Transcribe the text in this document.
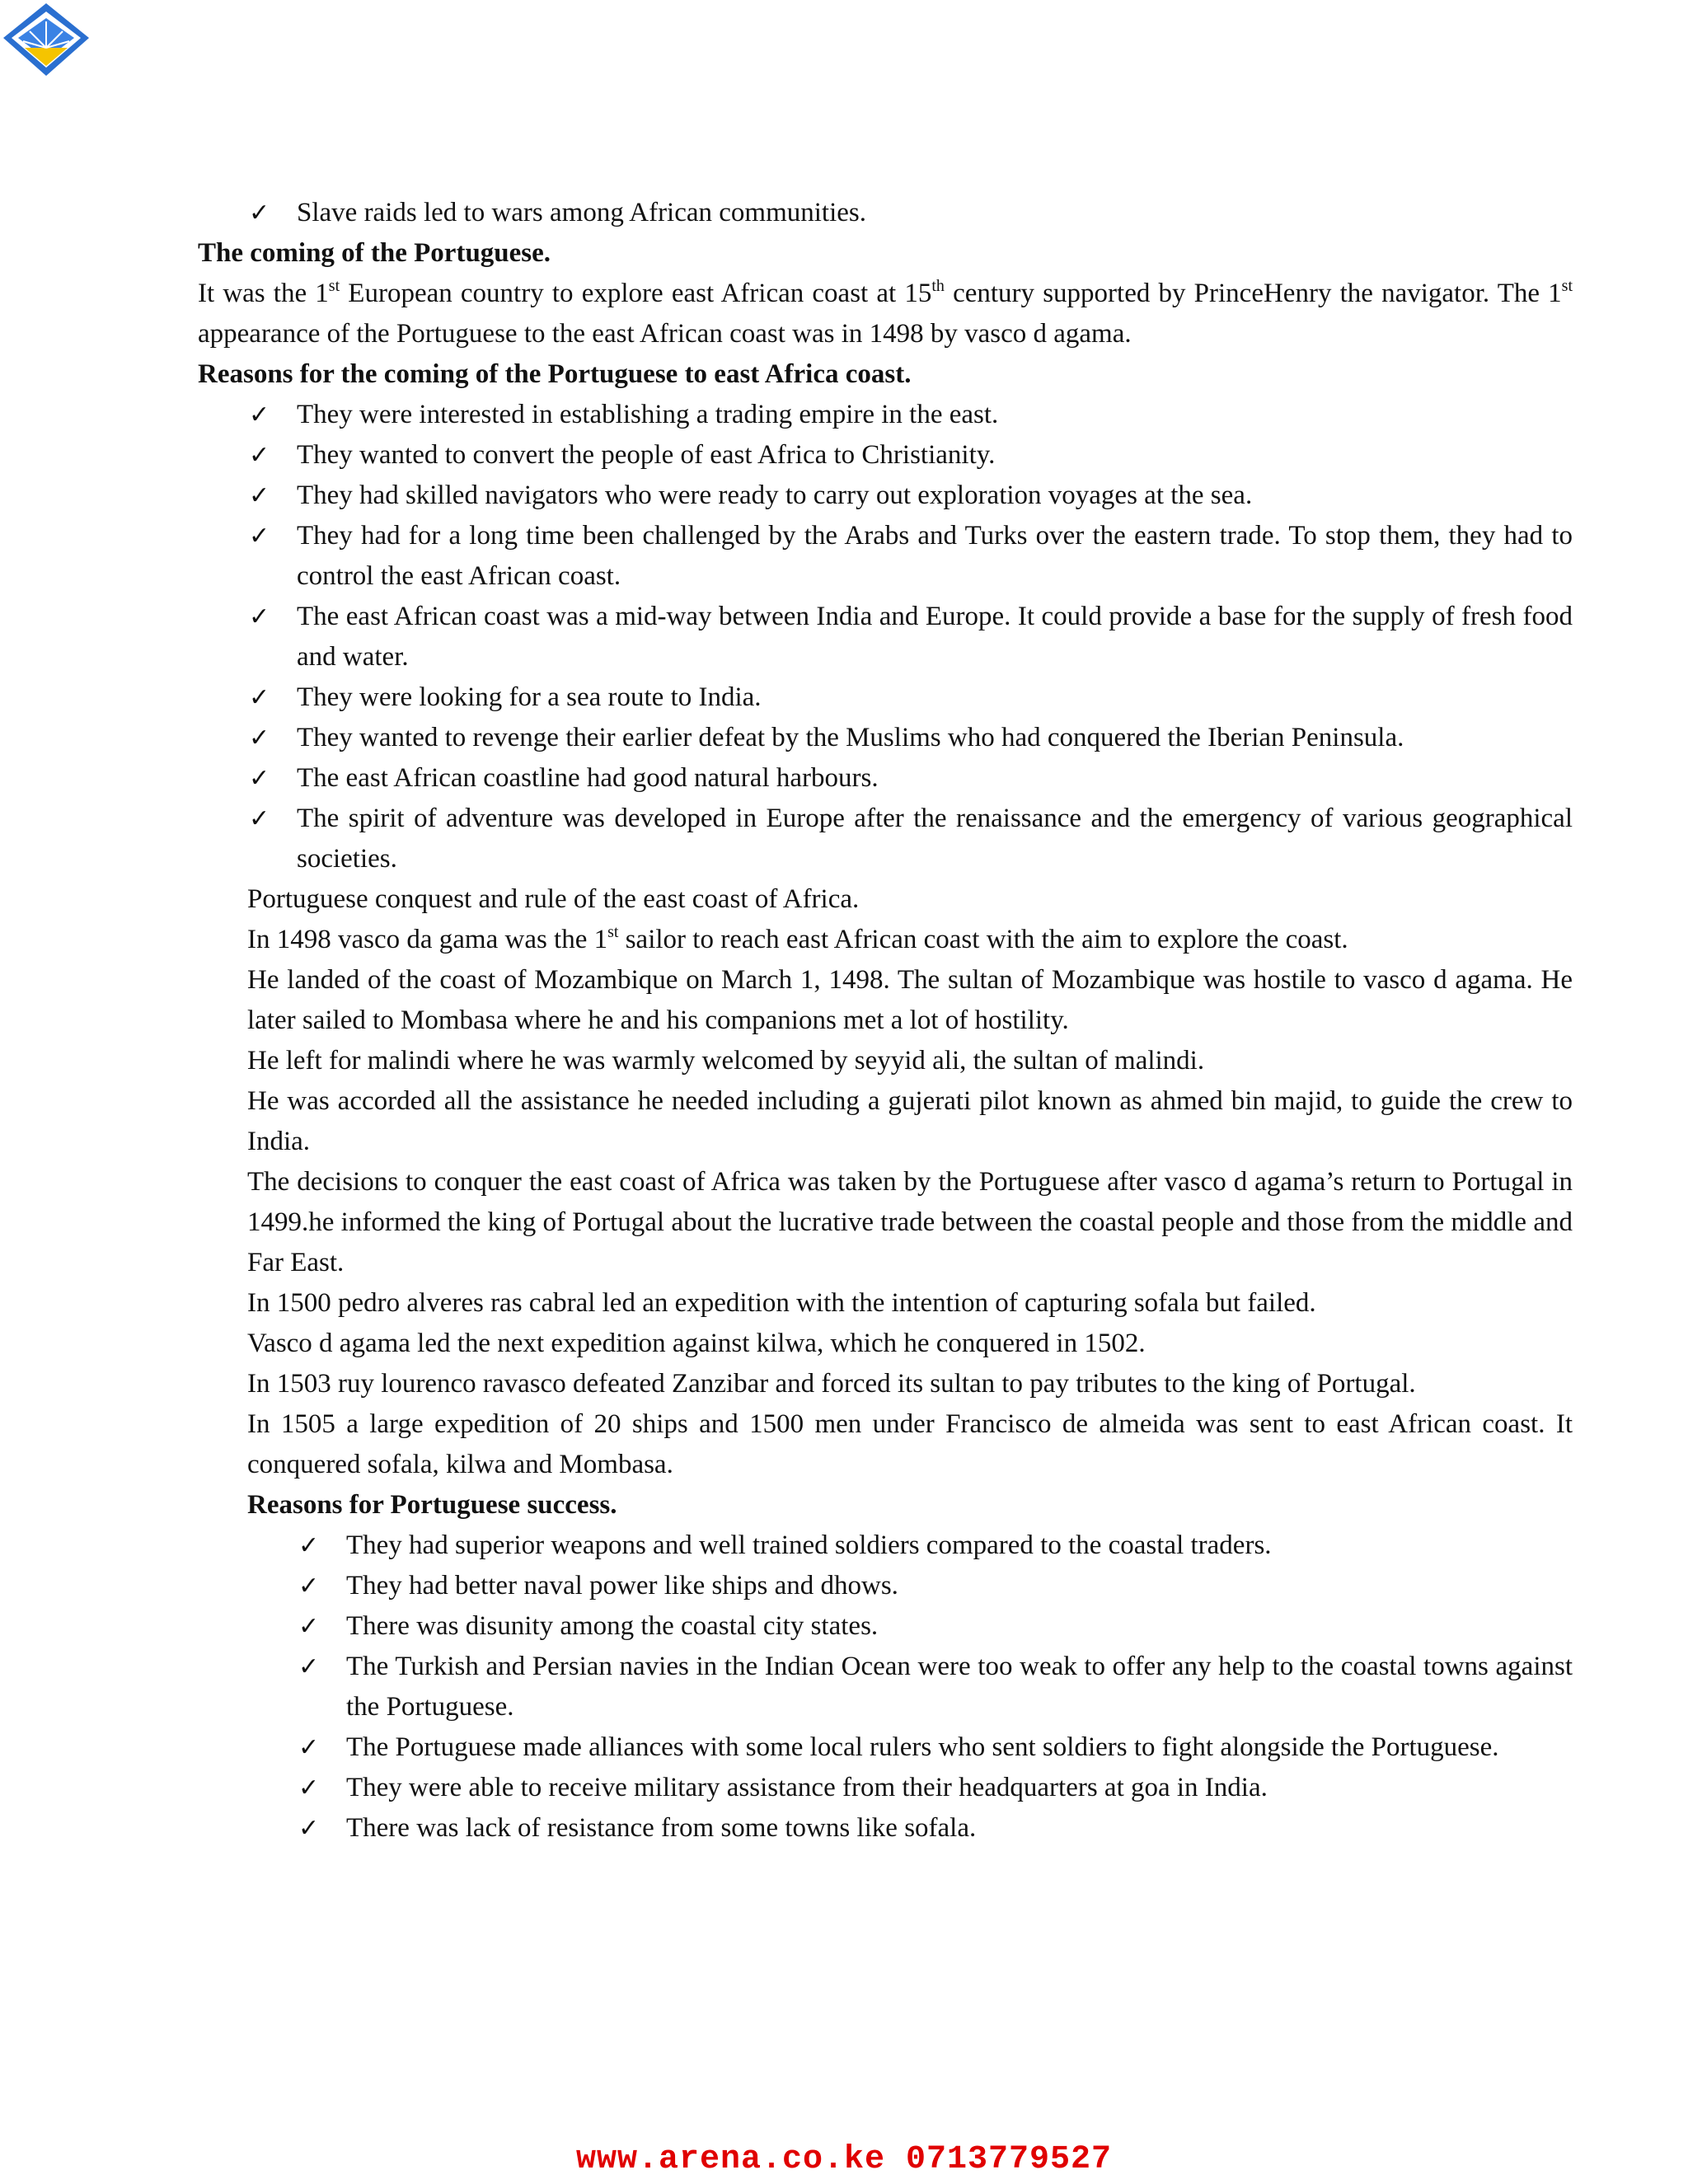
✓ Slave raids led to wars among African communities.

The coming of the Portuguese.

It was the 1st European country to explore east African coast at 15th century supported by PrinceHenry the navigator. The 1st appearance of the Portuguese to the east African coast was in 1498 by vasco d agama.

Reasons for the coming of the Portuguese to east Africa coast.

✓ They were interested in establishing a trading empire in the east.
✓ They wanted to convert the people of east Africa to Christianity.
✓ They had skilled navigators who were ready to carry out exploration voyages at the sea.
✓ They had for a long time been challenged by the Arabs and Turks over the eastern trade. To stop them, they had to control the east African coast.
✓ The east African coast was a mid-way between India and Europe. It could provide a base for the supply of fresh food and water.
✓ They were looking for a sea route to India.
✓ They wanted to revenge their earlier defeat by the Muslims who had conquered the Iberian Peninsula.
✓ The east African coastline had good natural harbours.
✓ The spirit of adventure was developed in Europe after the renaissance and the emergency of various geographical societies.

Portuguese conquest and rule of the east coast of Africa.

In 1498 vasco da gama was the 1st sailor to reach east African coast with the aim to explore the coast.

He landed of the coast of Mozambique on March 1, 1498. The sultan of Mozambique was hostile to vasco d agama. He later sailed to Mombasa where he and his companions met a lot of hostility.

He left for malindi where he was warmly welcomed by seyyid ali, the sultan of malindi.

He was accorded all the assistance he needed including a gujerati pilot known as ahmed bin majid, to guide the crew to India.

The decisions to conquer the east coast of Africa was taken by the Portuguese after vasco d agama’s return to Portugal in 1499.he informed the king of Portugal about the lucrative trade between the coastal people and those from the middle and Far East.

In 1500 pedro alveres ras cabral led an expedition with the intention of capturing sofala but failed.

Vasco d agama led the next expedition against kilwa, which he conquered in 1502.

In 1503 ruy lourenco ravasco defeated Zanzibar and forced its sultan to pay tributes to the king of Portugal.

In 1505 a large expedition of 20 ships and 1500 men under Francisco de almeida was sent to east African coast. It conquered sofala, kilwa and Mombasa.

Reasons for Portuguese success.

✓ They had superior weapons and well trained soldiers compared to the coastal traders.
✓ They had better naval power like ships and dhows.
✓ There was disunity among the coastal city states.
✓ The Turkish and Persian navies in the Indian Ocean were too weak to offer any help to the coastal towns against the Portuguese.
✓ The Portuguese made alliances with some local rulers who sent soldiers to fight alongside the Portuguese.
✓ They were able to receive military assistance from their headquarters at goa in India.
✓ There was lack of resistance from some towns like sofala.
www.arena.co.ke 0713779527
